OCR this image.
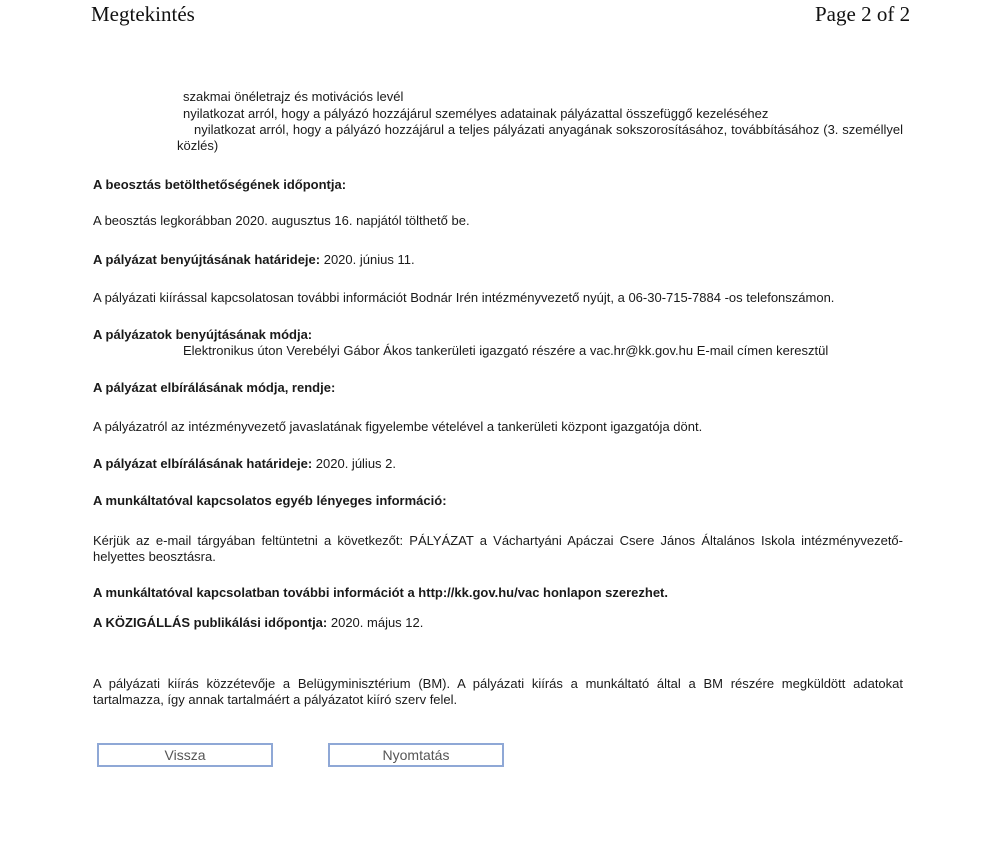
Megtekintés	Page 2 of 2
szakmai önéletrajz és motivációs levél
nyilatkozat arról, hogy a pályázó hozzájárul személyes adatainak pályázattal összefüggő kezeléséhez
nyilatkozat arról, hogy a pályázó hozzájárul a teljes pályázati anyagának sokszorosításához, továbbításához (3. személlyel közlés)
A beosztás betölthetőségének időpontja:
A beosztás legkorábban 2020. augusztus 16. napjától tölthető be.
A pályázat benyújtásának határideje: 2020. június 11.
A pályázati kiírással kapcsolatosan további információt Bodnár Irén intézményvezető nyújt, a 06-30-715-7884 -os telefonszámon.
A pályázatok benyújtásának módja:
Elektronikus úton Verebélyi Gábor Ákos tankerületi igazgató részére a vac.hr@kk.gov.hu E-mail címen keresztül
A pályázat elbírálásának módja, rendje:
A pályázatról az intézményvezető javaslatának figyelembe vételével a tankerületi központ igazgatója dönt.
A pályázat elbírálásának határideje: 2020. július 2.
A munkáltatóval kapcsolatos egyéb lényeges információ:
Kérjük az e-mail tárgyában feltüntetni a következőt: PÁLYÁZAT a Váchartyáni Apáczai Csere János Általános Iskola intézményvezető-helyettes beosztásra.
A munkáltatóval kapcsolatban további információt a http://kk.gov.hu/vac honlapon szerezhet.
A KÖZIGÁLLÁS publikálási időpontja: 2020. május 12.
A pályázati kiírás közzétevője a Belügyminisztérium (BM). A pályázati kiírás a munkáltató által a BM részére megküldött adatokat tartalmazza, így annak tartalmáért a pályázatot kiíró szerv felel.
Vissza	Nyomtatás
